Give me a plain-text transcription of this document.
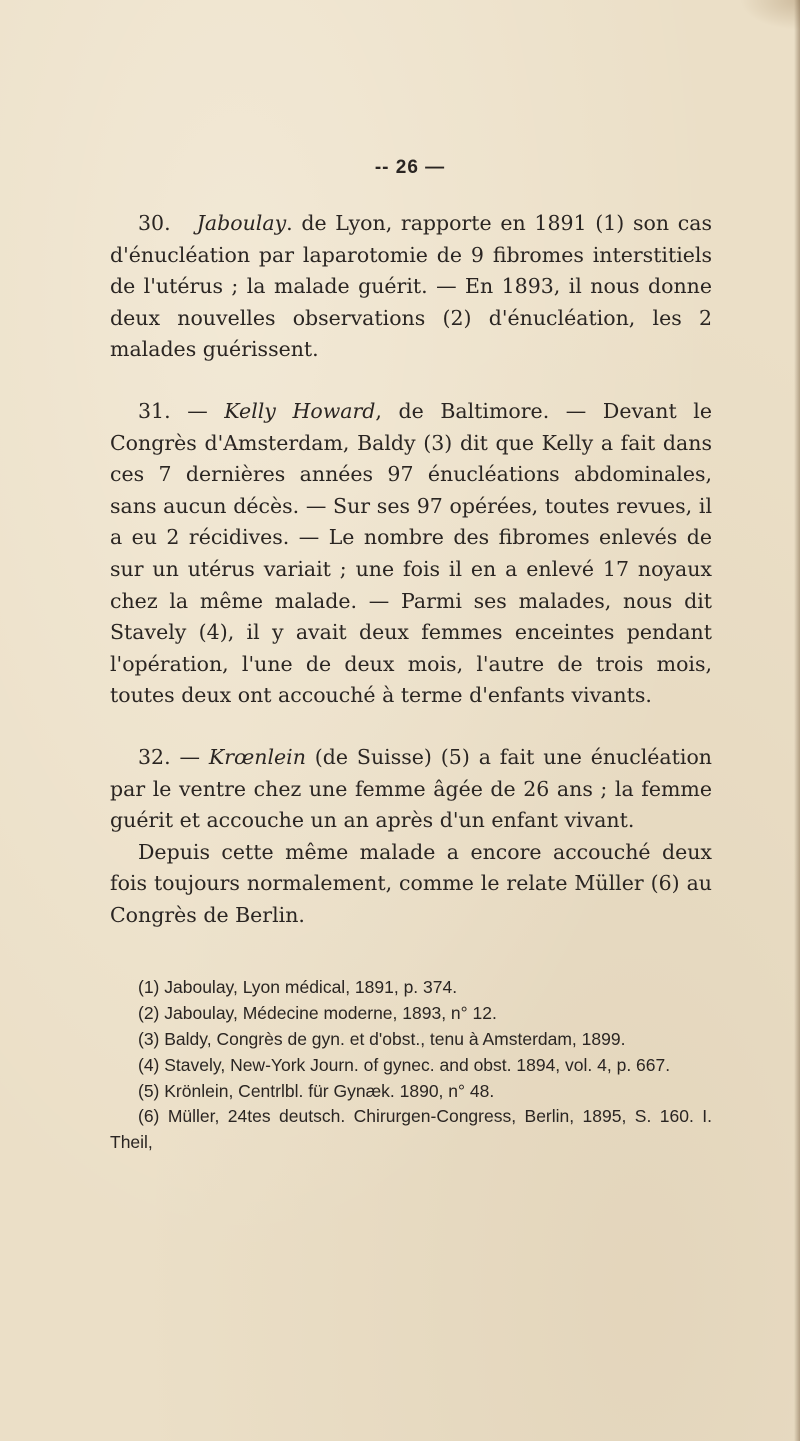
-- 26 —

30. Jaboulay. de Lyon, rapporte en 1891 (1) son cas d'énucléation par laparotomie de 9 fibromes interstitiels de l'utérus ; la malade guérit. — En 1893, il nous donne deux nouvelles observations (2) d'énucléation, les 2 malades guérissent.

31. — Kelly Howard, de Baltimore. — Devant le Congrès d'Amsterdam, Baldy (3) dit que Kelly a fait dans ces 7 dernières années 97 énucléations abdominales, sans aucun décès. — Sur ses 97 opérées, toutes revues, il a eu 2 récidives. — Le nombre des fibromes enlevés de sur un utérus variait ; une fois il en a enlevé 17 noyaux chez la même malade. — Parmi ses malades, nous dit Stavely (4), il y avait deux femmes enceintes pendant l'opération, l'une de deux mois, l'autre de trois mois, toutes deux ont accouché à terme d'enfants vivants.

32. — Krœnlein (de Suisse) (5) a fait une énucléation par le ventre chez une femme âgée de 26 ans ; la femme guérit et accouche un an après d'un enfant vivant.

Depuis cette même malade a encore accouché deux fois toujours normalement, comme le relate Müller (6) au Congrès de Berlin.

(1) Jaboulay, Lyon médical, 1891, p. 374.

(2) Jaboulay, Médecine moderne, 1893, n° 12.

(3) Baldy, Congrès de gyn. et d'obst., tenu à Amsterdam, 1899.

(4) Stavely, New-York Journ. of gynec. and obst. 1894, vol. 4, p. 667.

(5) Krönlein, Centrlbl. für Gynæk. 1890, n° 48.

(6) Müller, 24tes deutsch. Chirurgen-Congress, Berlin, 1895, S. 160. I. Theil,
